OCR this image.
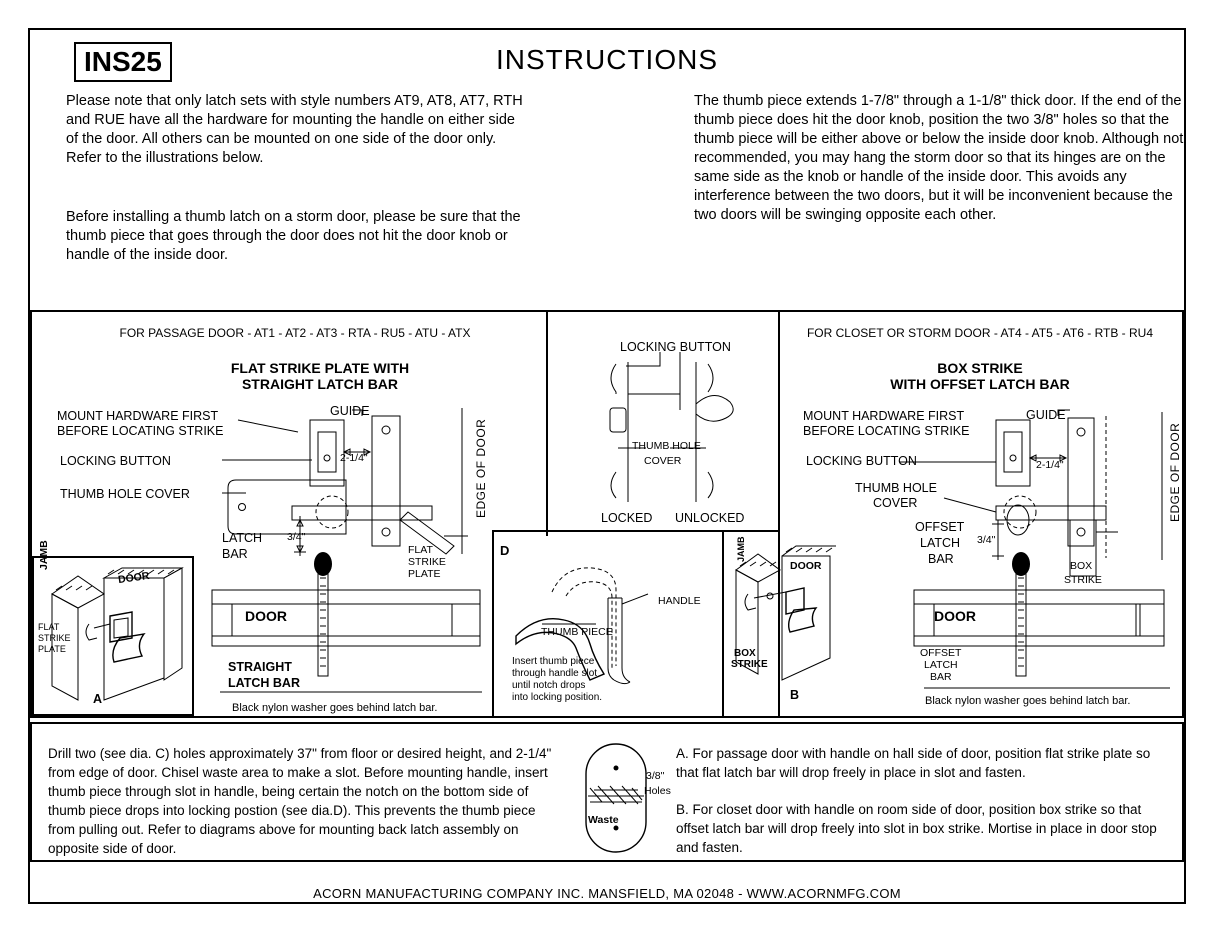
INS25	INSTRUCTIONS
Please note that only latch sets with style numbers AT9, AT8, AT7, RTH and RUE have all the hardware for mounting the handle on either side of the door. All others can be mounted on one side of the door only. Refer to the illustrations below.
Before installing a thumb latch on a storm door, please be sure that the thumb piece that goes through the door does not hit the door knob or handle of the inside door.
The thumb piece extends 1-7/8" through a 1-1/8" thick door. If the end of the thumb piece does hit the door knob, position the two 3/8" holes so that the thumb piece will be either above or below the inside door knob. Although not recommended, you may hang the storm door so that its hinges are on the same side as the knob or handle of the inside door. This avoids any interference between the two doors, but it will be inconvenient because the two doors will be swinging opposite each other.
FOR PASSAGE DOOR - AT1 - AT2 - AT3 - RTA - RU5 - ATU - ATX
FLAT STRIKE PLATE WITH
STRAIGHT LATCH BAR
MOUNT HARDWARE FIRST
BEFORE LOCATING STRIKE
LOCKING BUTTON
THUMB HOLE COVER
GUIDE
2-1/4"
3/4"
EDGE OF DOOR
LATCH
BAR	FLAT
STRIKE
PLATE
DOOR
STRAIGHT
LATCH BAR
Black nylon washer goes behind latch bar.
JAMB
DOOR
FLAT
STRIKE
PLATE
A
LOCKING BUTTON
THUMB HOLE
COVER
LOCKED UNLOCKED
D
HANDLE
THUMB PIECE
Insert thumb piece
through handle slot
until notch drops
into locking position.
JAMB
DOOR
BOX
STRIKE
B
FOR CLOSET OR STORM DOOR - AT4 - AT5 - AT6 - RTB - RU4
BOX STRIKE
WITH OFFSET LATCH BAR
MOUNT HARDWARE FIRST
BEFORE LOCATING STRIKE
LOCKING BUTTON
THUMB HOLE
COVER
GUIDE
2-1/4"
3/4"
EDGE OF DOOR
OFFSET
LATCH
BAR	BOX
STRIKE
DOOR
OFFSET
LATCH
BAR
Black nylon washer goes behind latch bar.
Drill two (see dia. C) holes approximately 37" from floor or desired height, and 2-1/4" from edge of door. Chisel waste area to make a slot. Before mounting handle, insert thumb piece through slot in handle, being certain the notch on the bottom side of thumb piece drops into locking postion (see dia.D). This prevents the thumb piece from pulling out. Refer to diagrams above for mounting back latch assembly on opposite side of door.
3/8"
Holes
Waste
A. For passage door with handle on hall side of door, position flat strike plate so that flat latch bar will drop freely in place in slot and fasten.
B. For closet door with handle on room side of door, position box strike so that offset latch bar will drop freely into slot in box strike. Mortise in place in door stop and fasten.
ACORN MANUFACTURING COMPANY INC. MANSFIELD, MA 02048 - WWW.ACORNMFG.COM
